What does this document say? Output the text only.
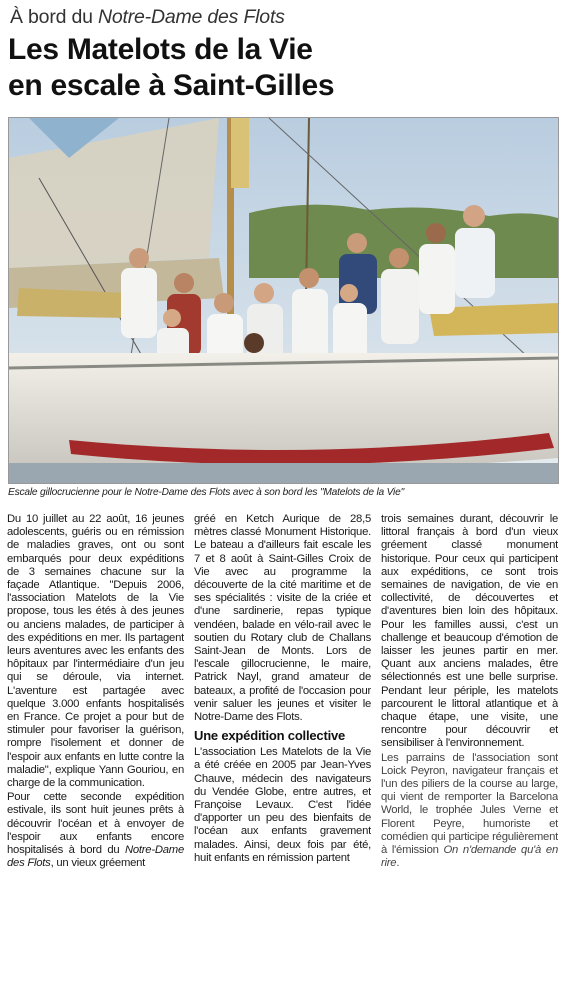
À bord du Notre-Dame des Flots
Les Matelots de la Vie
en escale à Saint-Gilles
Escale gillocrucienne pour le Notre-Dame des Flots avec à son bord les "Matelots de la Vie"

Du 10 juillet au 22 août, 16 jeunes adolescents, guéris ou en rémission de maladies graves, ont ou sont embarqués pour deux expéditions de 3 semaines chacune sur la façade Atlantique. "Depuis 2006, l'association Matelots de la Vie propose, tous les étés à des jeunes ou anciens malades, de participer à des expéditions en mer. Ils partagent leurs aventures avec les enfants des hôpitaux par l'intermédiaire d'un jeu qui se déroule, via internet. L'aventure est partagée avec quelque 3.000 enfants hospitalisés en France. Ce projet a pour but de stimuler pour favoriser la guérison, rompre l'isolement et donner de l'espoir aux enfants en lutte contre la maladie", explique Yann Gouriou, en charge de la communication.

Pour cette seconde expédition estivale, ils sont huit jeunes prêts à découvrir l'océan et à envoyer de l'espoir aux enfants encore hospitalisés à bord du Notre-Dame des Flots, un vieux gréement

gréé en Ketch Aurique de 28,5 mètres classé Monument Historique. Le bateau a d'ailleurs fait escale les 7 et 8 août à Saint-Gilles Croix de Vie avec au programme la découverte de la cité maritime et de ses spécialités : visite de la criée et d'une sardinerie, repas typique vendéen, balade en vélo-rail avec le soutien du Rotary club de Challans Saint-Jean de Monts. Lors de l'escale gillocrucienne, le maire, Patrick Nayl, grand amateur de bateaux, a profité de l'occasion pour venir saluer les jeunes et visiter le Notre-Dame des Flots.

Une expédition collective

L'association Les Matelots de la Vie a été créée en 2005 par Jean-Yves Chauve, médecin des navigateurs du Vendée Globe, entre autres, et Françoise Levaux. C'est l'idée d'apporter un peu des bienfaits de l'océan aux enfants gravement malades. Ainsi, deux fois par été, huit enfants en rémission partent

trois semaines durant, découvrir le littoral français à bord d'un vieux gréement classé monument historique. Pour ceux qui participent aux expéditions, ce sont trois semaines de navigation, de vie en collectivité, de découvertes et d'aventures bien loin des hôpitaux. Pour les familles aussi, c'est un challenge et beaucoup d'émotion de laisser les jeunes partir en mer. Quant aux anciens malades, être sélectionnés est une belle surprise. Pendant leur périple, les matelots parcourent le littoral atlantique et à chaque étape, une visite, une rencontre pour découvrir et sensibiliser à l'environnement.

Les parrains de l'association sont Loick Peyron, navigateur français et l'un des piliers de la course au large, qui vient de remporter la Barcelona World, le trophée Jules Verne et Florent Peyre, humoriste et comédien qui participe régulièrement à l'émission On n'demande qu'à en rire.
